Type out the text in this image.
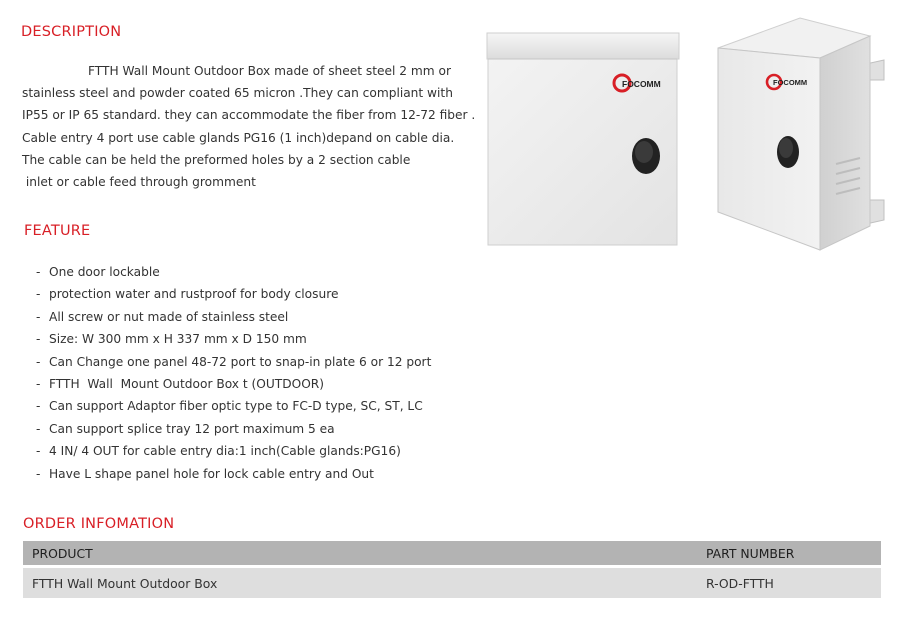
DESCRIPTION
FTTH Wall Mount Outdoor Box made of sheet steel 2 mm or
stainless steel and powder coated 65 micron .They can compliant with
IP55 or IP 65 standard. they can accommodate the fiber from 12-72 fiber .
Cable entry 4 port use cable glands PG16 (1 inch)depand on cable dia.
The cable can be held the preformed holes by a 2 section cable
inlet or cable feed through gromment
FEATURE
- One door lockable
- protection water and rustproof for body closure
- All screw or nut made of stainless steel
- Size: W 300 mm x H 337 mm x D 150 mm
- Can Change one panel 48-72 port to snap-in plate 6 or 12 port
- FTTH  Wall  Mount Outdoor Box t (OUTDOOR)
- Can support Adaptor fiber optic type to FC-D type, SC, ST, LC
- Can support splice tray 12 port maximum 5 ea
- 4 IN/ 4 OUT for cable entry dia:1 inch(Cable glands:PG16)
- Have L shape panel hole for lock cable entry and Out
ORDER INFOMATION
PRODUCT	PART NUMBER
FTTH Wall Mount Outdoor Box	R-OD-FTTH
FOCOMM	FOCOMM
